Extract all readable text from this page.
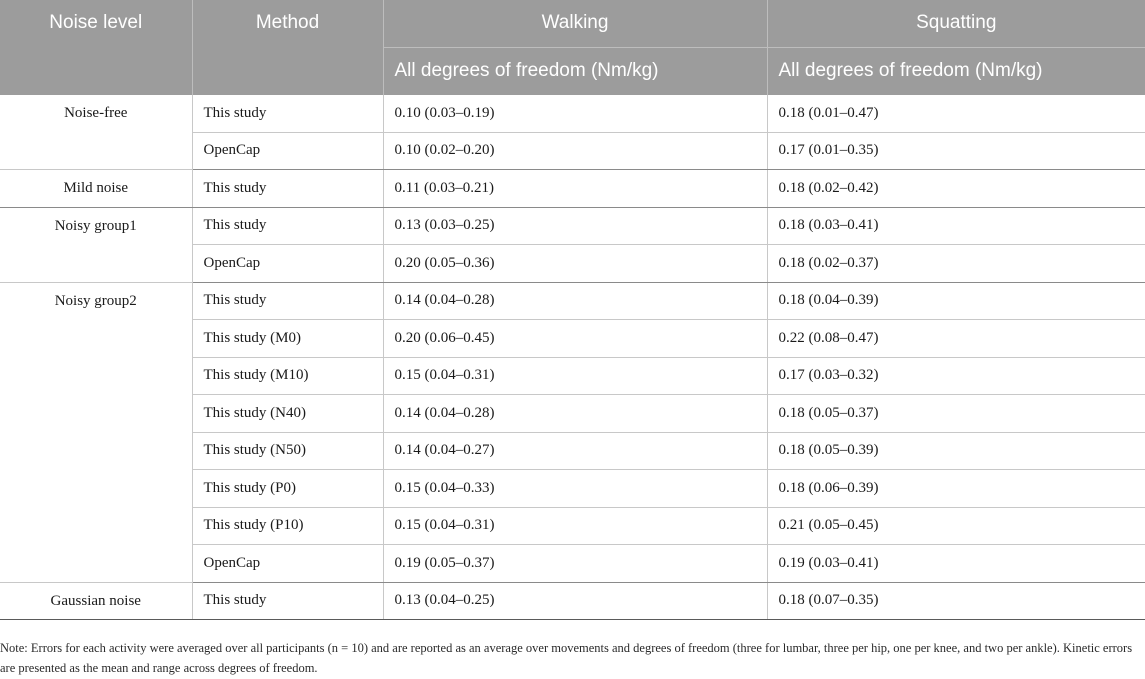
Noise level	Method	Walking	Squatting
		All degrees of freedom (Nm/kg)	All degrees of freedom (Nm/kg)
Noise-free	This study	0.10 (0.03–0.19)	0.18 (0.01–0.47)
	OpenCap	0.10 (0.02–0.20)	0.17 (0.01–0.35)
Mild noise	This study	0.11 (0.03–0.21)	0.18 (0.02–0.42)
Noisy group1	This study	0.13 (0.03–0.25)	0.18 (0.03–0.41)
	OpenCap	0.20 (0.05–0.36)	0.18 (0.02–0.37)
Noisy group2	This study	0.14 (0.04–0.28)	0.18 (0.04–0.39)
	This study (M0)	0.20 (0.06–0.45)	0.22 (0.08–0.47)
	This study (M10)	0.15 (0.04–0.31)	0.17 (0.03–0.32)
	This study (N40)	0.14 (0.04–0.28)	0.18 (0.05–0.37)
	This study (N50)	0.14 (0.04–0.27)	0.18 (0.05–0.39)
	This study (P0)	0.15 (0.04–0.33)	0.18 (0.06–0.39)
	This study (P10)	0.15 (0.04–0.31)	0.21 (0.05–0.45)
	OpenCap	0.19 (0.05–0.37)	0.19 (0.03–0.41)
Gaussian noise	This study	0.13 (0.04–0.25)	0.18 (0.07–0.35)
Note: Errors for each activity were averaged over all participants (n = 10) and are reported as an average over movements and degrees of freedom (three for lumbar, three per hip, one per knee, and two per ankle). Kinetic errors are presented as the mean and range across degrees of freedom.
